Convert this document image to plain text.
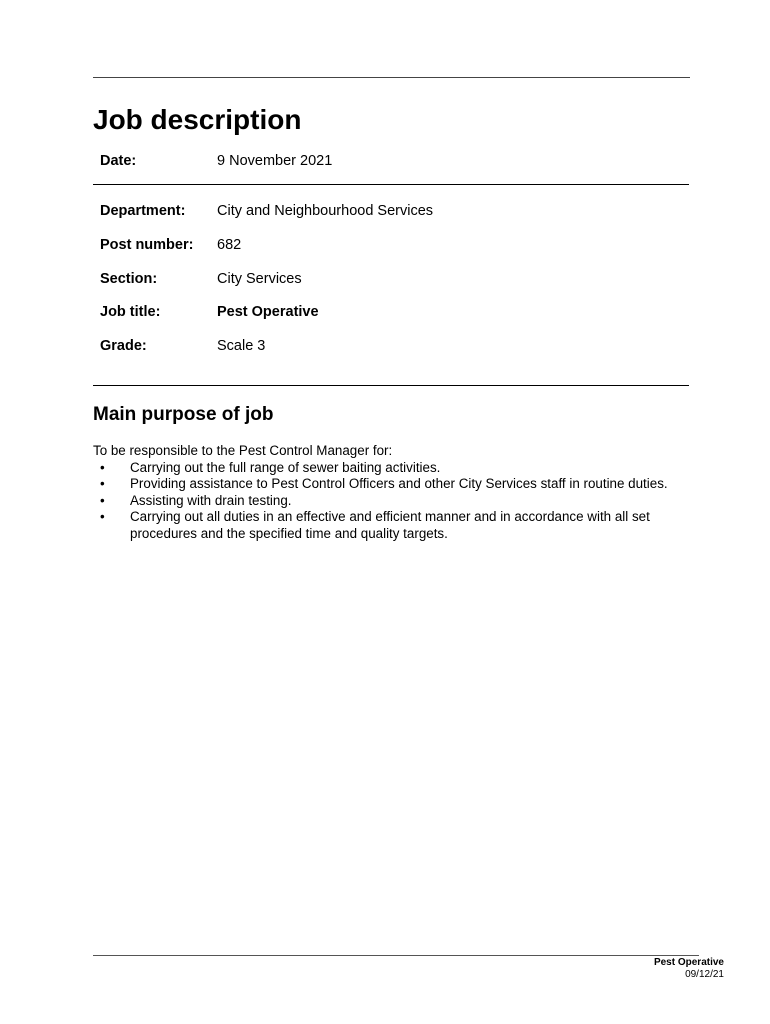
Job description
Date:	9 November 2021
Department:	City and Neighbourhood Services
Post number:	682
Section:	City Services
Job title:	Pest Operative
Grade:	Scale 3
Main purpose of job
To be responsible to the Pest Control Manager for:
• Carrying out the full range of sewer baiting activities.
• Providing assistance to Pest Control Officers and other City Services staff in routine duties.
• Assisting with drain testing.
• Carrying out all duties in an effective and efficient manner and in accordance with all set procedures and the specified time and quality targets.
Pest Operative
09/12/21
